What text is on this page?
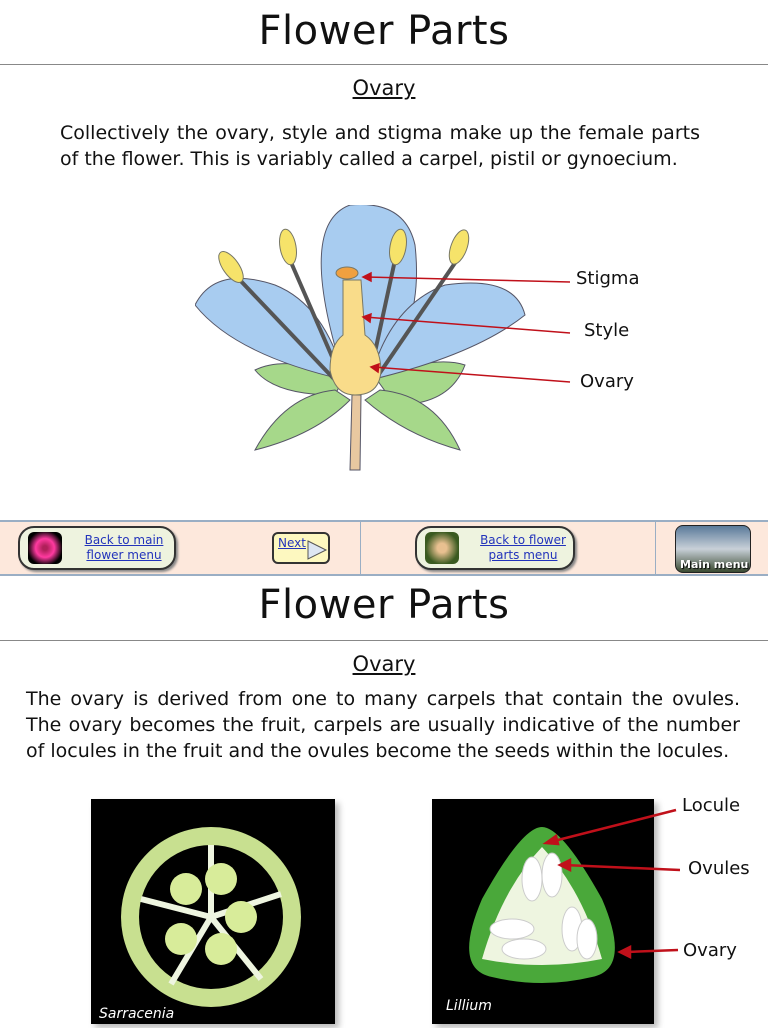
Flower Parts
Ovary
Collectively the ovary, style and stigma make up the female parts of the flower. This is variably called a carpel, pistil or gynoecium.
Stigma
Style
Ovary
Back to main flower menu
Next	Back to flower parts menu
Main menu
Flower Parts
Ovary
The ovary is derived from one to many carpels that contain the ovules. The ovary becomes the fruit, carpels are usually indicative of the number of locules in the fruit and the ovules become the seeds within the locules.
Sarracenia	Lillium
Locule
Ovules
Ovary
